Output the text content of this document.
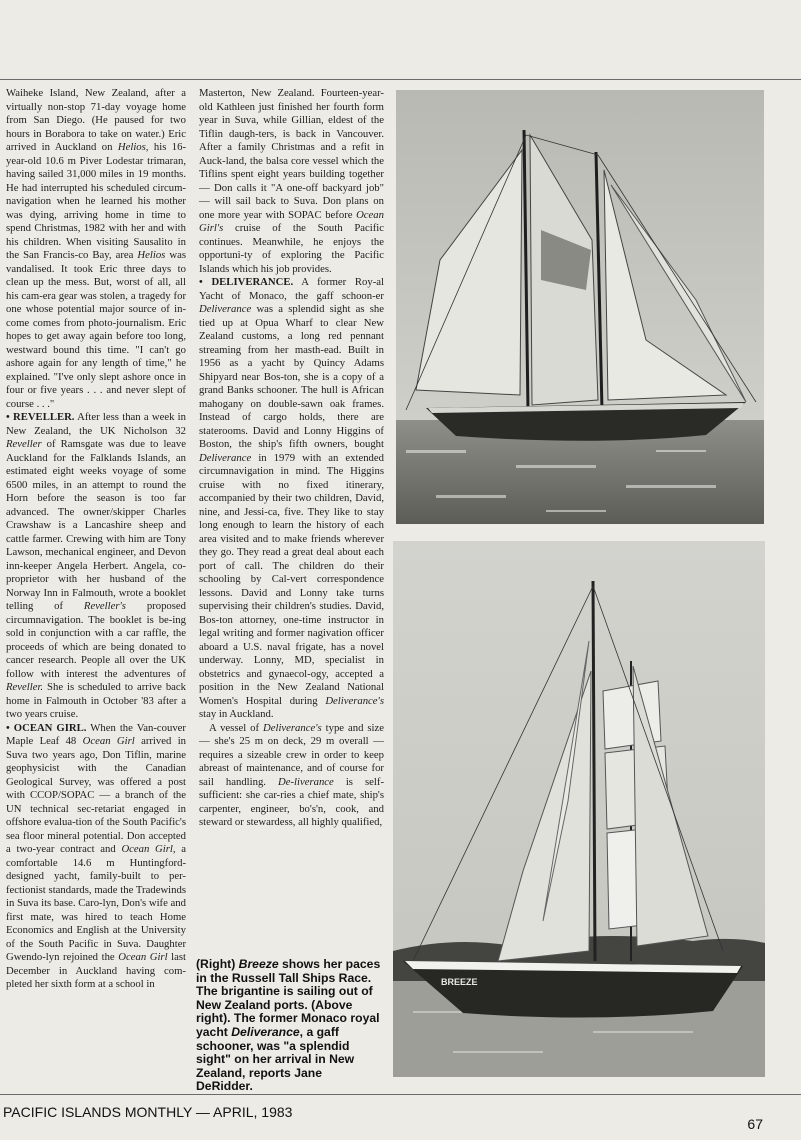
Waiheke Island, New Zealand, after a virtually non-stop 71-day voyage home from San Diego. (He paused for two hours in Borabora to take on water.) Eric arrived in Auckland on Helios, his 16-year-old 10.6 m Piver Lodestar trimaran, having sailed 31,000 miles in 19 months. He had interrupted his scheduled circum-navigation when he learned his mother was dying, arriving home in time to spend Christmas, 1982 with her and with his children. When visiting Sausalito in the San Francis-co Bay, area Helios was vandalised. It took Eric three days to clean up the mess. But, worst of all, all his cam-era gear was stolen, a tragedy for one whose potential major source of in-come comes from photo-journalism. Eric hopes to get away again before too long, westward bound this time. "I can't go ashore again for any length of time," he explained. "I've only slept ashore once in four or five years . . . and never slept of course . . ."

• REVELLER. After less than a week in New Zealand, the UK Nicholson 32 Reveller of Ramsgate was due to leave Auckland for the Falklands Islands, an estimated eight weeks voyage of some 6500 miles, in an attempt to round the Horn before the season is too far advanced. The owner/skipper Charles Crawshaw is a Lancashire sheep and cattle farmer. Crewing with him are Tony Lawson, mechanical engineer, and Devon inn-keeper Angela Herbert. Angela, co-proprietor with her husband of the Norway Inn in Falmouth, wrote a booklet telling of Reveller's proposed circumnavigation. The booklet is be-ing sold in conjunction with a car raffle, the proceeds of which are being donated to cancer research. People all over the UK follow with interest the adventures of Reveller. She is scheduled to arrive back home in Falmouth in October '83 after a two years cruise.

• OCEAN GIRL. When the Van-couver Maple Leaf 48 Ocean Girl arrived in Suva two years ago, Don Tiflin, marine geophysicist with the Canadian Geological Survey, was offered a post with CCOP/SOPAC — a branch of the UN technical sec-retariat engaged in offshore evalua-tion of the South Pacific's sea floor mineral potential. Don accepted a two-year contract and Ocean Girl, a comfortable 14.6 m Huntingford-designed yacht, family-built to per-fectionist standards, made the Tradewinds in Suva its base. Caro-lyn, Don's wife and first mate, was hired to teach Home Economics and English at the University of the South Pacific in Suva. Daughter Gwendo-lyn rejoined the Ocean Girl last December in Auckland having com-pleted her sixth form at a school in

Masterton, New Zealand. Fourteen-year-old Kathleen just finished her fourth form year in Suva, while Gillian, eldest of the Tiflin daugh-ters, is back in Vancouver. After a family Christmas and a refit in Auck-land, the balsa core vessel which the Tiflins spent eight years building together — Don calls it "A one-off backyard job" — will sail back to Suva. Don plans on one more year with SOPAC before Ocean Girl's cruise of the South Pacific continues. Meanwhile, he enjoys the opportuni-ty of exploring the Pacific Islands which his job provides.

• DELIVERANCE. A former Roy-al Yacht of Monaco, the gaff schoon-er Deliverance was a splendid sight as she tied up at Opua Wharf to clear New Zealand customs, a long red pennant streaming from her masth-ead. Built in 1956 as a yacht by Quincy Adams Shipyard near Bos-ton, she is a copy of a grand Banks schooner. The hull is African mahogany on double-sawn oak frames. Instead of cargo holds, there are staterooms. David and Lonny Higgins of Boston, the ship's fifth owners, bought Deliverance in 1979 with an extended circumnavigation in mind. The Higgins cruise with no fixed itinerary, accompanied by their two children, David, nine, and Jessi-ca, five. They like to stay long enough to learn the history of each area visited and to make friends wherever they go. They read a great deal about each port of call. The children do their schooling by Cal-vert correspondence lessons. David and Lonny take turns supervising their children's studies. David, Bos-ton attorney, one-time instructor in legal writing and former nagivation officer aboard a U.S. naval frigate, has a novel underway. Lonny, MD, specialist in obstetrics and gynaecol-ogy, accepted a position in the New Zealand National Women's Hospital during Deliverance's stay in Auckland.

A vessel of Deliverance's type and size — she's 25 m on deck, 29 m overall — requires a sizeable crew in order to keep abreast of maintenance, and of course for sail handling. De-liverance is self-sufficient: she car-ries a chief mate, ship's carpenter, engineer, bo's'n, cook, and steward or stewardess, all highly qualified,

BREEZE
(Right) Breeze shows her paces in the Russell Tall Ships Race. The brigantine is sailing out of New Zealand ports. (Above right). The former Monaco royal yacht Deliverance, a gaff schooner, was "a splendid sight" on her arrival in New Zealand, reports Jane DeRidder.
PACIFIC ISLANDS MONTHLY — APRIL, 1983
67
